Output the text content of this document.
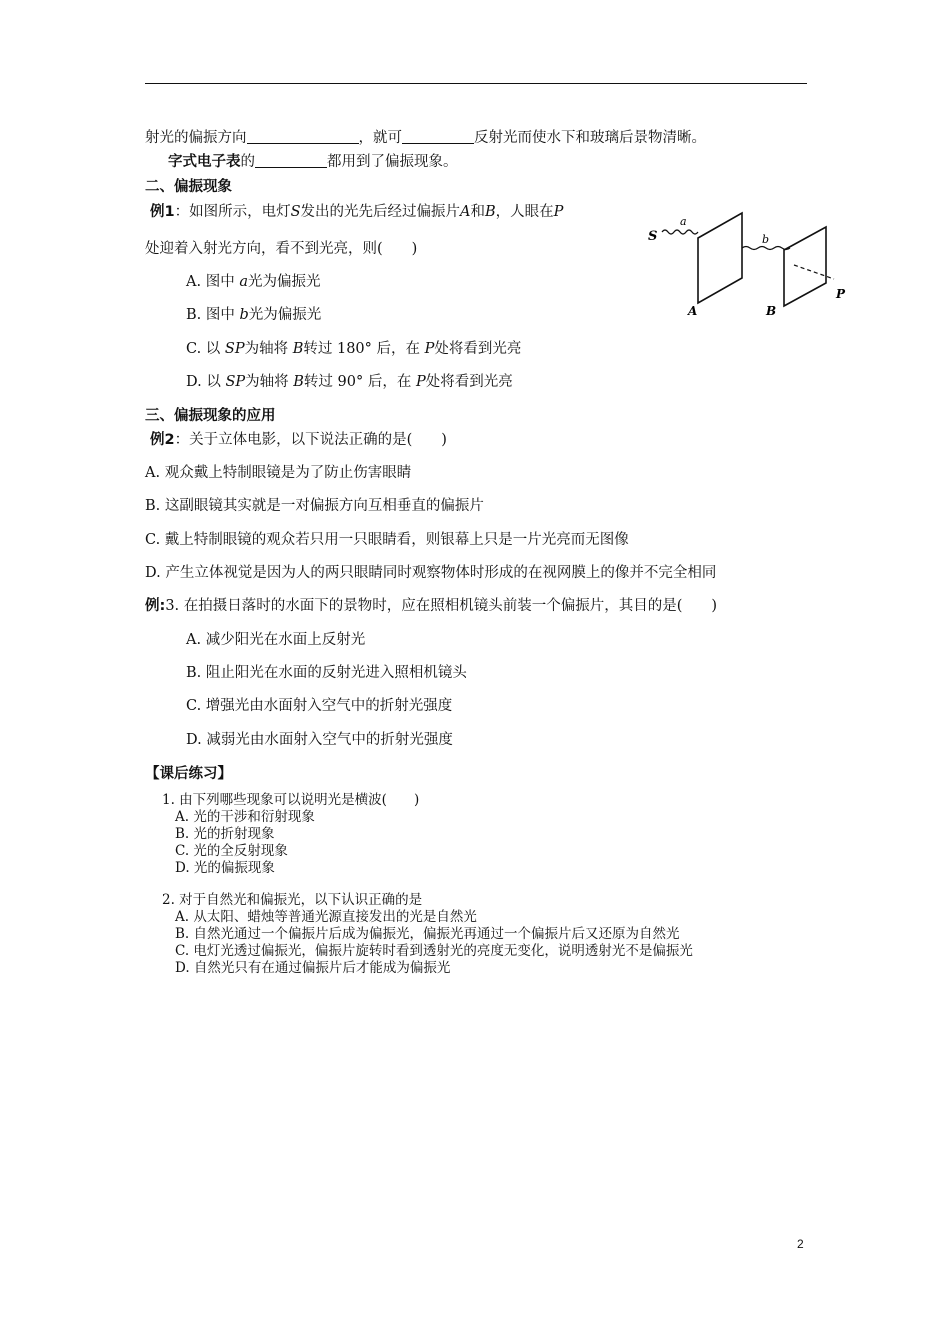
射光的偏振方向	，就可	反射光而使水下和玻璃后景物清晰。
字式电子表的	都用到了偏振现象。
二、偏振现象
例1：如图所示，电灯S发出的光先后经过偏振片A和B，人眼在P
处迎着入射光方向，看不到光亮，则(　　)
A. 图中 a光为偏振光
B. 图中 b光为偏振光
C. 以 SP为轴将 B转过 180° 后，在 P处将看到光亮
D. 以 SP为轴将 B转过 90° 后，在 P处将看到光亮
S
a
b
A	B
P
三、偏振现象的应用
例2：关于立体电影，以下说法正确的是(　　)
A. 观众戴上特制眼镜是为了防止伤害眼睛
B. 这副眼镜其实就是一对偏振方向互相垂直的偏振片
C. 戴上特制眼镜的观众若只用一只眼睛看，则银幕上只是一片光亮而无图像
D. 产生立体视觉是因为人的两只眼睛同时观察物体时形成的在视网膜上的像并不完全相同
例:3. 在拍摄日落时的水面下的景物时，应在照相机镜头前装一个偏振片，其目的是(　　)
A. 减少阳光在水面上反射光
B. 阻止阳光在水面的反射光进入照相机镜头
C. 增强光由水面射入空气中的折射光强度
D. 减弱光由水面射入空气中的折射光强度
【课后练习】
1. 由下列哪些现象可以说明光是横波(　　)
A. 光的干涉和衍射现象
B. 光的折射现象
C. 光的全反射现象
D. 光的偏振现象
2. 对于自然光和偏振光，以下认识正确的是
A. 从太阳、蜡烛等普通光源直接发出的光是自然光
B. 自然光通过一个偏振片后成为偏振光，偏振光再通过一个偏振片后又还原为自然光
C. 电灯光透过偏振光，偏振片旋转时看到透射光的亮度无变化，说明透射光不是偏振光
D. 自然光只有在通过偏振片后才能成为偏振光
2
